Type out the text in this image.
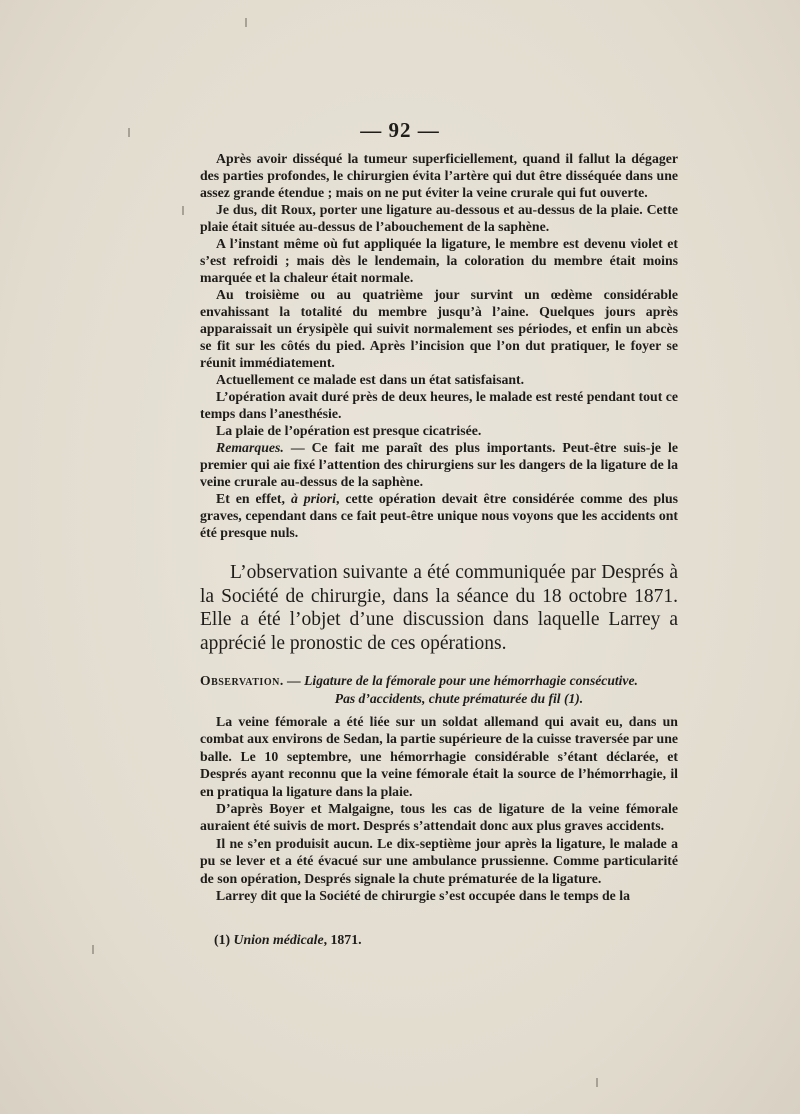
— 92 —

Après avoir disséqué la tumeur superficiellement, quand il fallut la dégager des parties profondes, le chirurgien évita l’artère qui dut être disséquée dans une assez grande étendue ; mais on ne put éviter la veine crurale qui fut ouverte.

Je dus, dit Roux, porter une ligature au-dessous et au-dessus de la plaie. Cette plaie était située au-dessus de l’abouchement de la saphène.

A l’instant même où fut appliquée la ligature, le membre est devenu violet et s’est refroidi ; mais dès le lendemain, la coloration du membre était moins marquée et la chaleur était normale.

Au troisième ou au quatrième jour survint un œdème considérable envahissant la totalité du membre jusqu’à l’aine. Quelques jours après apparaissait un érysipèle qui suivit normalement ses périodes, et enfin un abcès se fit sur les côtés du pied. Après l’incision que l’on dut pratiquer, le foyer se réunit immédiatement.

Actuellement ce malade est dans un état satisfaisant.

L’opération avait duré près de deux heures, le malade est resté pendant tout ce temps dans l’anesthésie.

La plaie de l’opération est presque cicatrisée.

Remarques. — Ce fait me paraît des plus importants. Peut-être suis-je le premier qui aie fixé l’attention des chirurgiens sur les dangers de la ligature de la veine crurale au-dessus de la saphène.

Et en effet, à priori, cette opération devait être considérée comme des plus graves, cependant dans ce fait peut-être unique nous voyons que les accidents ont été presque nuls.

L’observation suivante a été communiquée par Després à la Société de chirurgie, dans la séance du 18 octobre 1871. Elle a été l’objet d’une discussion dans laquelle Larrey a apprécié le pronostic de ces opérations.

Observation. — Ligature de la fémorale pour une hémorrhagie consécutive.
Pas d’accidents, chute prématurée du fil (1).

La veine fémorale a été liée sur un soldat allemand qui avait eu, dans un combat aux environs de Sedan, la partie supérieure de la cuisse traversée par une balle. Le 10 septembre, une hémorrhagie considérable s’étant déclarée, et Després ayant reconnu que la veine fémorale était la source de l’hémorrhagie, il en pratiqua la ligature dans la plaie.

D’après Boyer et Malgaigne, tous les cas de ligature de la veine fémorale auraient été suivis de mort. Després s’attendait donc aux plus graves accidents.

Il ne s’en produisit aucun. Le dix-septième jour après la ligature, le malade a pu se lever et a été évacué sur une ambulance prussienne. Comme particularité de son opération, Després signale la chute prématurée de la ligature.

Larrey dit que la Société de chirurgie s’est occupée dans le temps de la

(1) Union médicale, 1871.
